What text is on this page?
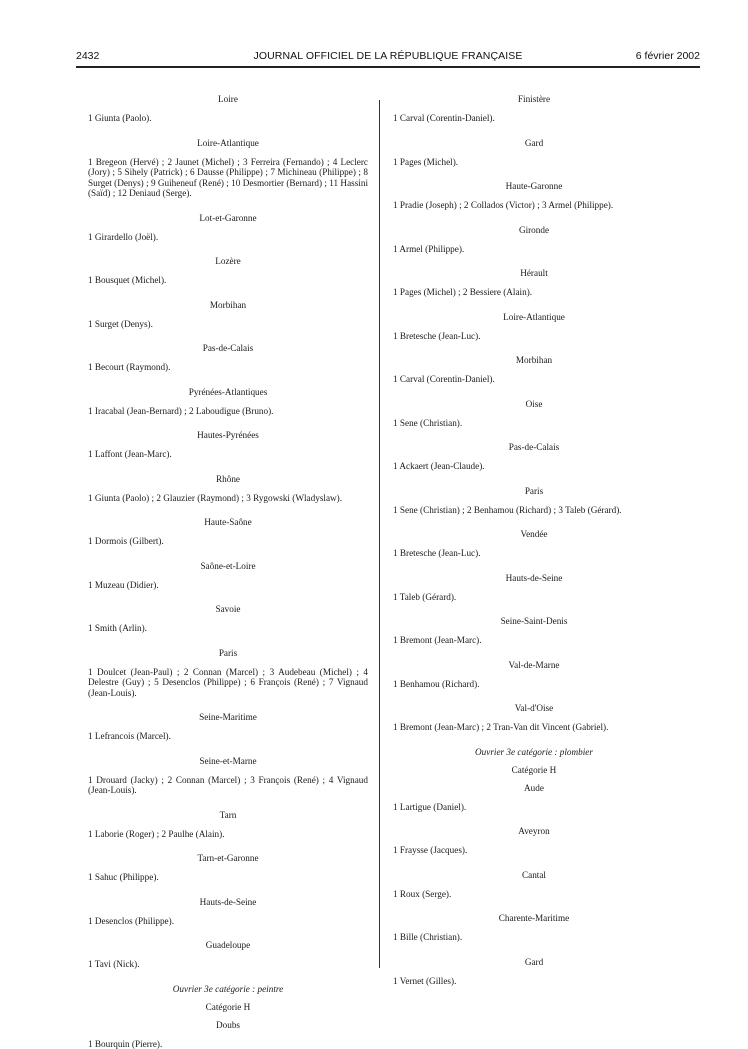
2432	JOURNAL OFFICIEL DE LA RÉPUBLIQUE FRANÇAISE	6 février 2002

Loire

1 Giunta (Paolo).

Loire-Atlantique

1 Bregeon (Hervé) ; 2 Jaunet (Michel) ; 3 Ferreira (Fernando) ; 4 Leclerc (Jory) ; 5 Sihely (Patrick) ; 6 Dausse (Philippe) ; 7 Michineau (Philippe) ; 8 Surget (Denys) ; 9 Guiheneuf (René) ; 10 Desmortier (Bernard) ; 11 Hassini (Saïd) ; 12 Deniaud (Serge).

Lot-et-Garonne

1 Girardello (Joël).

Lozère

1 Bousquet (Michel).

Morbihan

1 Surget (Denys).

Pas-de-Calais

1 Becourt (Raymond).

Pyrénées-Atlantiques

1 Iracabal (Jean-Bernard) ; 2 Laboudigue (Bruno).

Hautes-Pyrénées

1 Laffont (Jean-Marc).

Rhône

1 Giunta (Paolo) ; 2 Glauzier (Raymond) ; 3 Rygowski (Wladyslaw).

Haute-Saône

1 Dormois (Gilbert).

Saône-et-Loire

1 Muzeau (Didier).

Savoie

1 Smith (Arlin).

Paris

1 Doulcet (Jean-Paul) ; 2 Connan (Marcel) ; 3 Audebeau (Michel) ; 4 Delestre (Guy) ; 5 Desenclos (Philippe) ; 6 François (René) ; 7 Vignaud (Jean-Louis).

Seine-Maritime

1 Lefrancois (Marcel).

Seine-et-Marne

1 Drouard (Jacky) ; 2 Connan (Marcel) ; 3 François (René) ; 4 Vignaud (Jean-Louis).

Tarn

1 Laborie (Roger) ; 2 Paulhe (Alain).

Tarn-et-Garonne

1 Sahuc (Philippe).

Hauts-de-Seine

1 Desenclos (Philippe).

Guadeloupe

1 Tavi (Nick).

Ouvrier 3e catégorie : peintre

Catégorie H

Doubs

1 Bourquin (Pierre).

Finistère

1 Carval (Corentin-Daniel).

Gard

1 Pages (Michel).

Haute-Garonne

1 Pradie (Joseph) ; 2 Collados (Victor) ; 3 Armel (Philippe).

Gironde

1 Armel (Philippe).

Hérault

1 Pages (Michel) ; 2 Bessiere (Alain).

Loire-Atlantique

1 Bretesche (Jean-Luc).

Morbihan

1 Carval (Corentin-Daniel).

Oise

1 Sene (Christian).

Pas-de-Calais

1 Ackaert (Jean-Claude).

Paris

1 Sene (Christian) ; 2 Benhamou (Richard) ; 3 Taleb (Gérard).

Vendée

1 Bretesche (Jean-Luc).

Hauts-de-Seine

1 Taleb (Gérard).

Seine-Saint-Denis

1 Bremont (Jean-Marc).

Val-de-Marne

1 Benhamou (Richard).

Val-d'Oise

1 Bremont (Jean-Marc) ; 2 Tran-Van dit Vincent (Gabriel).

Ouvrier 3e catégorie : plombier

Catégorie H

Aude

1 Lartigue (Daniel).

Aveyron

1 Fraysse (Jacques).

Cantal

1 Roux (Serge).

Charente-Maritime

1 Bille (Christian).

Gard

1 Vernet (Gilles).
